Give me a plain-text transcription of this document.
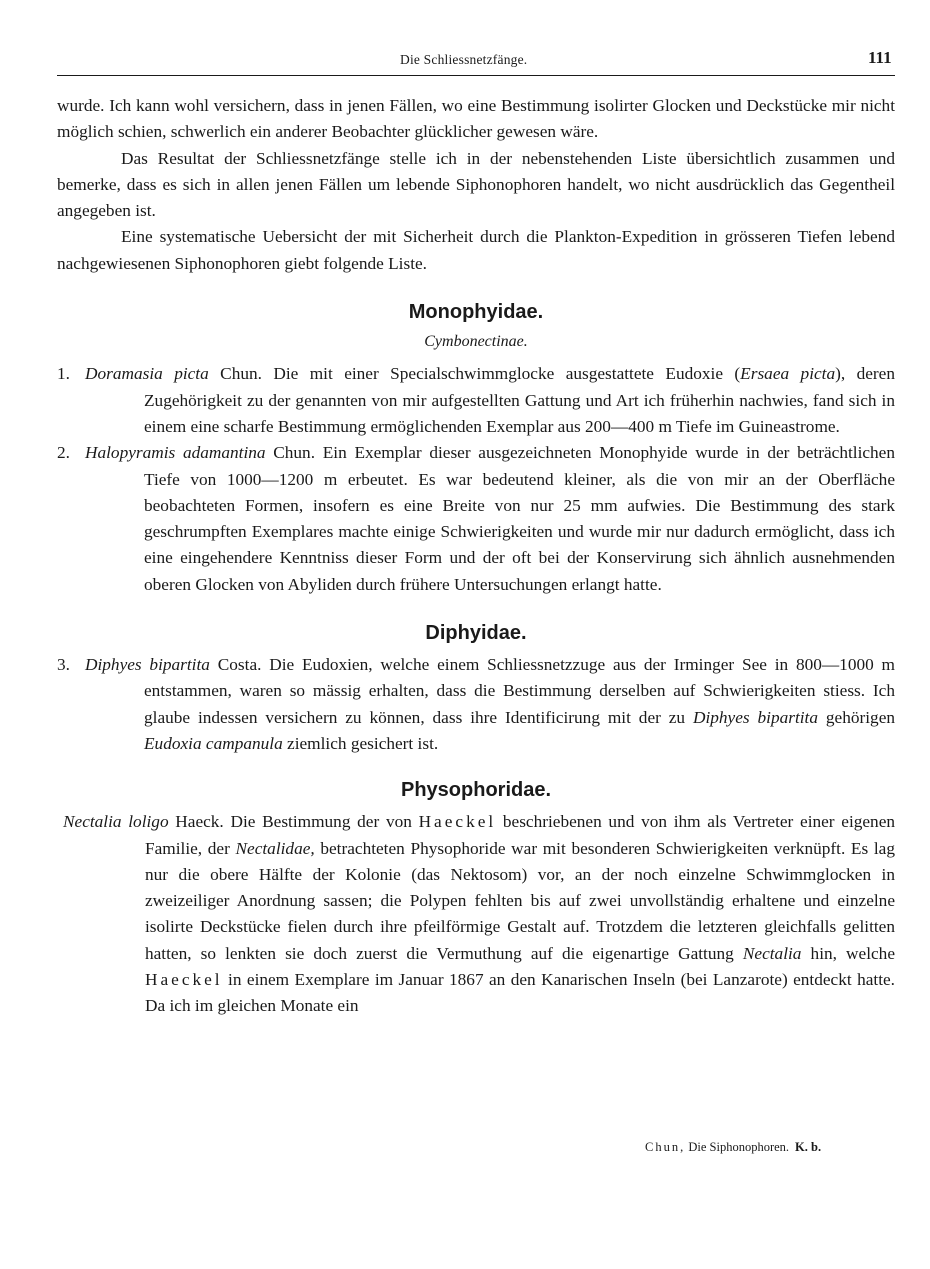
Die Schliessnetzfänge.	111

wurde. Ich kann wohl versichern, dass in jenen Fällen, wo eine Bestimmung isolirter Glocken und Deckstücke mir nicht möglich schien, schwerlich ein anderer Beobachter glücklicher gewesen wäre.

Das Resultat der Schliessnetzfänge stelle ich in der nebenstehenden Liste übersichtlich zusammen und bemerke, dass es sich in allen jenen Fällen um lebende Siphonophoren handelt, wo nicht ausdrücklich das Gegentheil angegeben ist.

Eine systematische Uebersicht der mit Sicherheit durch die Plankton-Expedition in grösseren Tiefen lebend nachgewiesenen Siphonophoren giebt folgende Liste.

Monophyidae.

Cymbonectinae.

1. Doramasia picta Chun. Die mit einer Specialschwimmglocke ausgestattete Eudoxie (Ersaea picta), deren Zugehörigkeit zu der genannten von mir aufgestellten Gattung und Art ich früherhin nachwies, fand sich in einem eine scharfe Bestimmung ermöglichenden Exemplar aus 200—400 m Tiefe im Guineastrome.

2. Halopyramis adamantina Chun. Ein Exemplar dieser ausgezeichneten Monophyide wurde in der beträchtlichen Tiefe von 1000—1200 m erbeutet. Es war bedeutend kleiner, als die von mir an der Oberfläche beobachteten Formen, insofern es eine Breite von nur 25 mm aufwies. Die Bestimmung des stark geschrumpften Exemplares machte einige Schwierigkeiten und wurde mir nur dadurch ermöglicht, dass ich eine eingehendere Kenntniss dieser Form und der oft bei der Konservirung sich ähnlich ausnehmenden oberen Glocken von Abyliden durch frühere Untersuchungen erlangt hatte.

Diphyidae.

3. Diphyes bipartita Costa. Die Eudoxien, welche einem Schliessnetzzuge aus der Irminger See in 800—1000 m entstammen, waren so mässig erhalten, dass die Bestimmung derselben auf Schwierigkeiten stiess. Ich glaube indessen versichern zu können, dass ihre Identificirung mit der zu Diphyes bipartita gehörigen Eudoxia campanula ziemlich gesichert ist.

Physophoridae.

Nectalia loligo Haeck. Die Bestimmung der von Haeckel beschriebenen und von ihm als Vertreter einer eigenen Familie, der Nectalidae, betrachteten Physophoride war mit besonderen Schwierigkeiten verknüpft. Es lag nur die obere Hälfte der Kolonie (das Nektosom) vor, an der noch einzelne Schwimmglocken in zweizeiliger Anordnung sassen; die Polypen fehlten bis auf zwei unvollständig erhaltene und einzelne isolirte Deckstücke fielen durch ihre pfeilförmige Gestalt auf. Trotzdem die letzteren gleichfalls gelitten hatten, so lenkten sie doch zuerst die Vermuthung auf die eigenartige Gattung Nectalia hin, welche Haeckel in einem Exemplare im Januar 1867 an den Kanarischen Inseln (bei Lanzarote) entdeckt hatte. Da ich im gleichen Monate ein

Chun, Die Siphonophoren. K. b.
